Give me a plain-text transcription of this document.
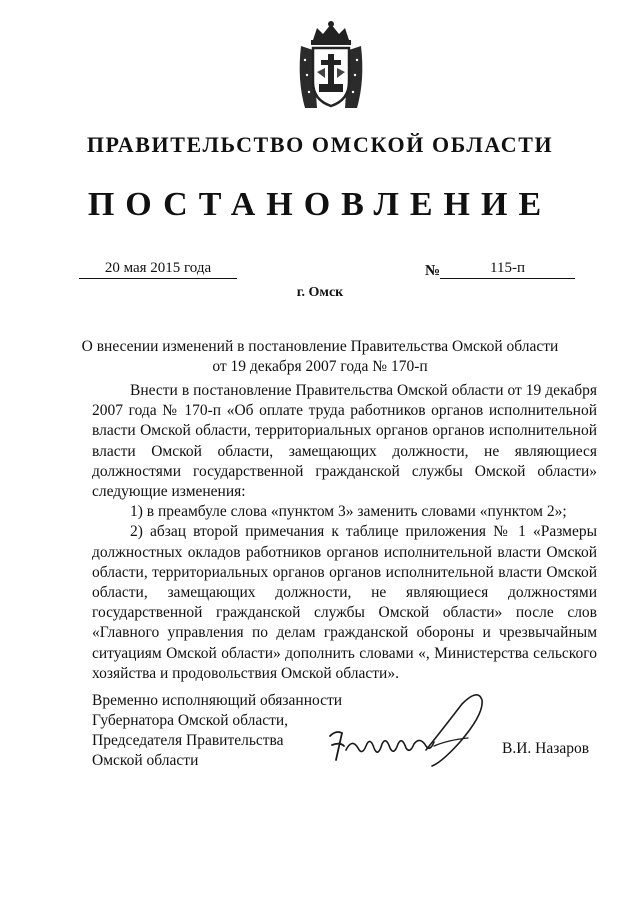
ПРАВИТЕЛЬСТВО ОМСКОЙ ОБЛАСТИ
ПОСТАНОВЛЕНИЕ
20 мая 2015 года	№	115-п
г. Омск
О внесении изменений в постановление Правительства Омской области
от 19 декабря 2007 года № 170-п

Внести в постановление Правительства Омской области от 19 декабря 2007 года № 170-п «Об оплате труда работников органов исполнительной власти Омской области, территориальных органов органов исполнительной власти Омской области, замещающих должности, не являющиеся должностями государственной гражданской службы Омской области» следующие изменения:

1) в преамбуле слова «пунктом 3» заменить словами «пунктом 2»;

2) абзац второй примечания к таблице приложения № 1 «Размеры должностных окладов работников органов исполнительной власти Омской области, территориальных органов органов исполнительной власти Омской области, замещающих должности, не являющиеся должностями государственной гражданской службы Омской области» после слов «Главного управления по делам гражданской обороны и чрезвычайным ситуациям Омской области» дополнить словами «, Министерства сельского хозяйства и продовольствия Омской области».

Временно исполняющий обязанности
Губернатора Омской области,
Председателя Правительства
Омской области
В.И. Назаров
